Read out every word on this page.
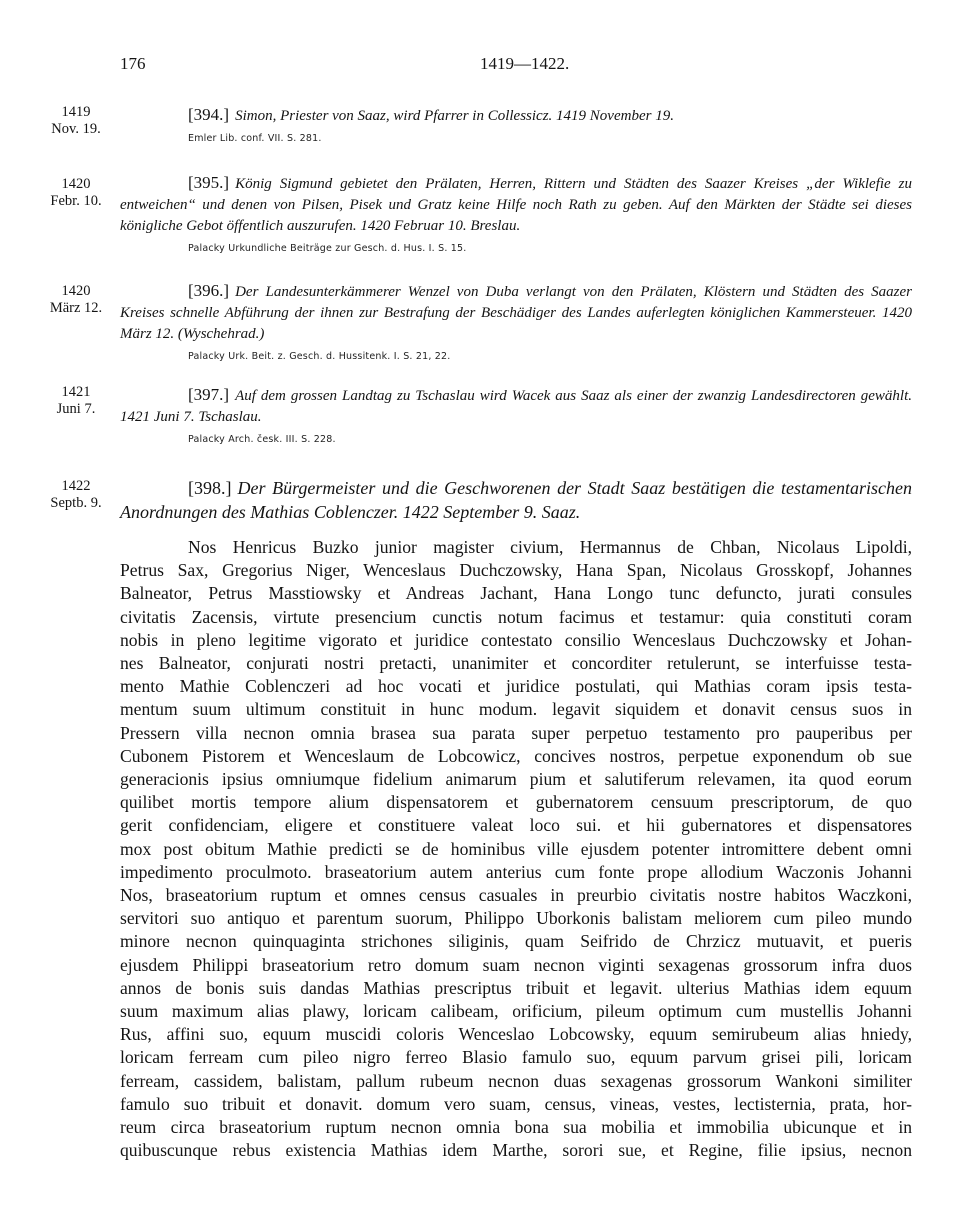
176	1419—1422.
1419
Nov. 19.
[394.] Simon, Priester von Saaz, wird Pfarrer in Collessicz. 1419 November 19.
Emler Lib. conf. VII. S. 281.
1420
Febr. 10.
[395.] König Sigmund gebietet den Prälaten, Herren, Rittern und Städten des Saazer Kreises „der Wiklefie zu entweichen“ und denen von Pilsen, Pisek und Gratz keine Hilfe noch Rath zu geben. Auf den Märkten der Städte sei dieses königliche Gebot öffentlich auszurufen. 1420 Februar 10. Breslau.
Palacky Urkundliche Beiträge zur Gesch. d. Hus. I. S. 15.
1420
März 12.
[396.] Der Landesunterkämmerer Wenzel von Duba verlangt von den Prälaten, Klöstern und Städten des Saazer Kreises schnelle Abführung der ihnen zur Bestrafung der Beschädiger des Landes auferlegten königlichen Kammersteuer. 1420 März 12. (Wyschehrad.)
Palacky Urk. Beit. z. Gesch. d. Hussitenk. I. S. 21, 22.
1421
Juni 7.
[397.] Auf dem grossen Landtag zu Tschaslau wird Wacek aus Saaz als einer der zwanzig Landesdirectoren gewählt. 1421 Juni 7. Tschaslau.
Palacky Arch. česk. III. S. 228.
1422
Septb. 9.
[398.] Der Bürgermeister und die Geschworenen der Stadt Saaz bestätigen die testamentarischen Anordnungen des Mathias Coblenczer. 1422 September 9. Saaz.
Nos Henricus Buzko junior magister civium, Hermannus de Chban, Nicolaus Lipoldi,
Petrus Sax, Gregorius Niger, Wenceslaus Duchczowsky, Hana Span, Nicolaus Grosskopf, Johannes
Balneator, Petrus Masstiowsky et Andreas Jachant, Hana Longo tunc defuncto, jurati consules
civitatis Zacensis, virtute presencium cunctis notum facimus et testamur: quia constituti coram
nobis in pleno legitime vigorato et juridice contestato consilio Wenceslaus Duchczowsky et Johan-
nes Balneator, conjurati nostri pretacti, unanimiter et concorditer retulerunt, se interfuisse testa-
mento Mathie Coblenczeri ad hoc vocati et juridice postulati, qui Mathias coram ipsis testa-
mentum suum ultimum constituit in hunc modum. legavit siquidem et donavit census suos in
Pressern villa necnon omnia brasea sua parata super perpetuo testamento pro pauperibus per
Cubonem Pistorem et Wenceslaum de Lobcowicz, concives nostros, perpetue exponendum ob sue
generacionis ipsius omniumque fidelium animarum pium et salutiferum relevamen, ita quod eorum
quilibet mortis tempore alium dispensatorem et gubernatorem censuum prescriptorum, de quo
gerit confidenciam, eligere et constituere valeat loco sui. et hii gubernatores et dispensatores
mox post obitum Mathie predicti se de hominibus ville ejusdem potenter intromittere debent omni
impedimento proculmoto. braseatorium autem anterius cum fonte prope allodium Waczonis Johanni
Nos, braseatorium ruptum et omnes census casuales in preurbio civitatis nostre habitos Waczkoni,
servitori suo antiquo et parentum suorum, Philippo Uborkonis balistam meliorem cum pileo mundo
minore necnon quinquaginta strichones siliginis, quam Seifrido de Chrzicz mutuavit, et pueris
ejusdem Philippi braseatorium retro domum suam necnon viginti sexagenas grossorum infra duos
annos de bonis suis dandas Mathias prescriptus tribuit et legavit. ulterius Mathias idem equum
suum maximum alias plawy, loricam calibeam, orificium, pileum optimum cum mustellis Johanni
Rus, affini suo, equum muscidi coloris Wenceslao Lobcowsky, equum semirubeum alias hniedy,
loricam ferream cum pileo nigro ferreo Blasio famulo suo, equum parvum grisei pili, loricam
ferream, cassidem, balistam, pallum rubeum necnon duas sexagenas grossorum Wankoni similiter
famulo suo tribuit et donavit. domum vero suam, census, vineas, vestes, lectisternia, prata, hor-
reum circa braseatorium ruptum necnon omnia bona sua mobilia et immobilia ubicunque et in
quibuscunque rebus existencia Mathias idem Marthe, sorori sue, et Regine, filie ipsius, necnon
